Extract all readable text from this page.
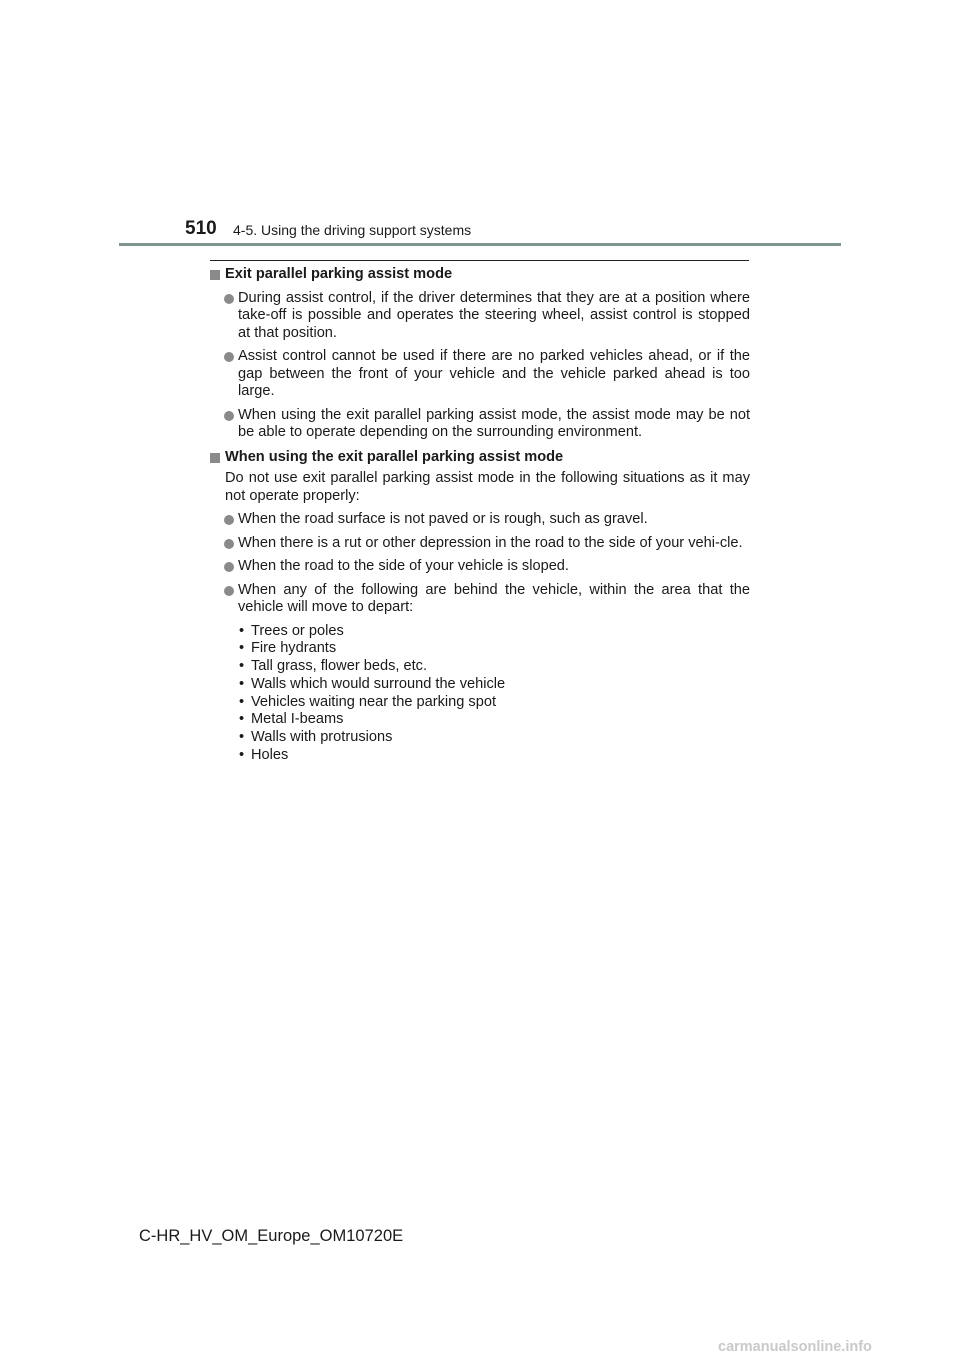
510 4-5. Using the driving support systems

Exit parallel parking assist mode

During assist control, if the driver determines that they are at a position where take-off is possible and operates the steering wheel, assist control is stopped at that position.

Assist control cannot be used if there are no parked vehicles ahead, or if the gap between the front of your vehicle and the vehicle parked ahead is too large.

When using the exit parallel parking assist mode, the assist mode may be not be able to operate depending on the surrounding environment.

When using the exit parallel parking assist mode

Do not use exit parallel parking assist mode in the following situations as it may not operate properly:

When the road surface is not paved or is rough, such as gravel.

When there is a rut or other depression in the road to the side of your vehi-cle.

When the road to the side of your vehicle is sloped.

When any of the following are behind the vehicle, within the area that the vehicle will move to depart:

• Trees or poles
• Fire hydrants
• Tall grass, flower beds, etc.
• Walls which would surround the vehicle
• Vehicles waiting near the parking spot
• Metal I-beams
• Walls with protrusions
• Holes
C-HR_HV_OM_Europe_OM10720E
carmanualsonline.info
